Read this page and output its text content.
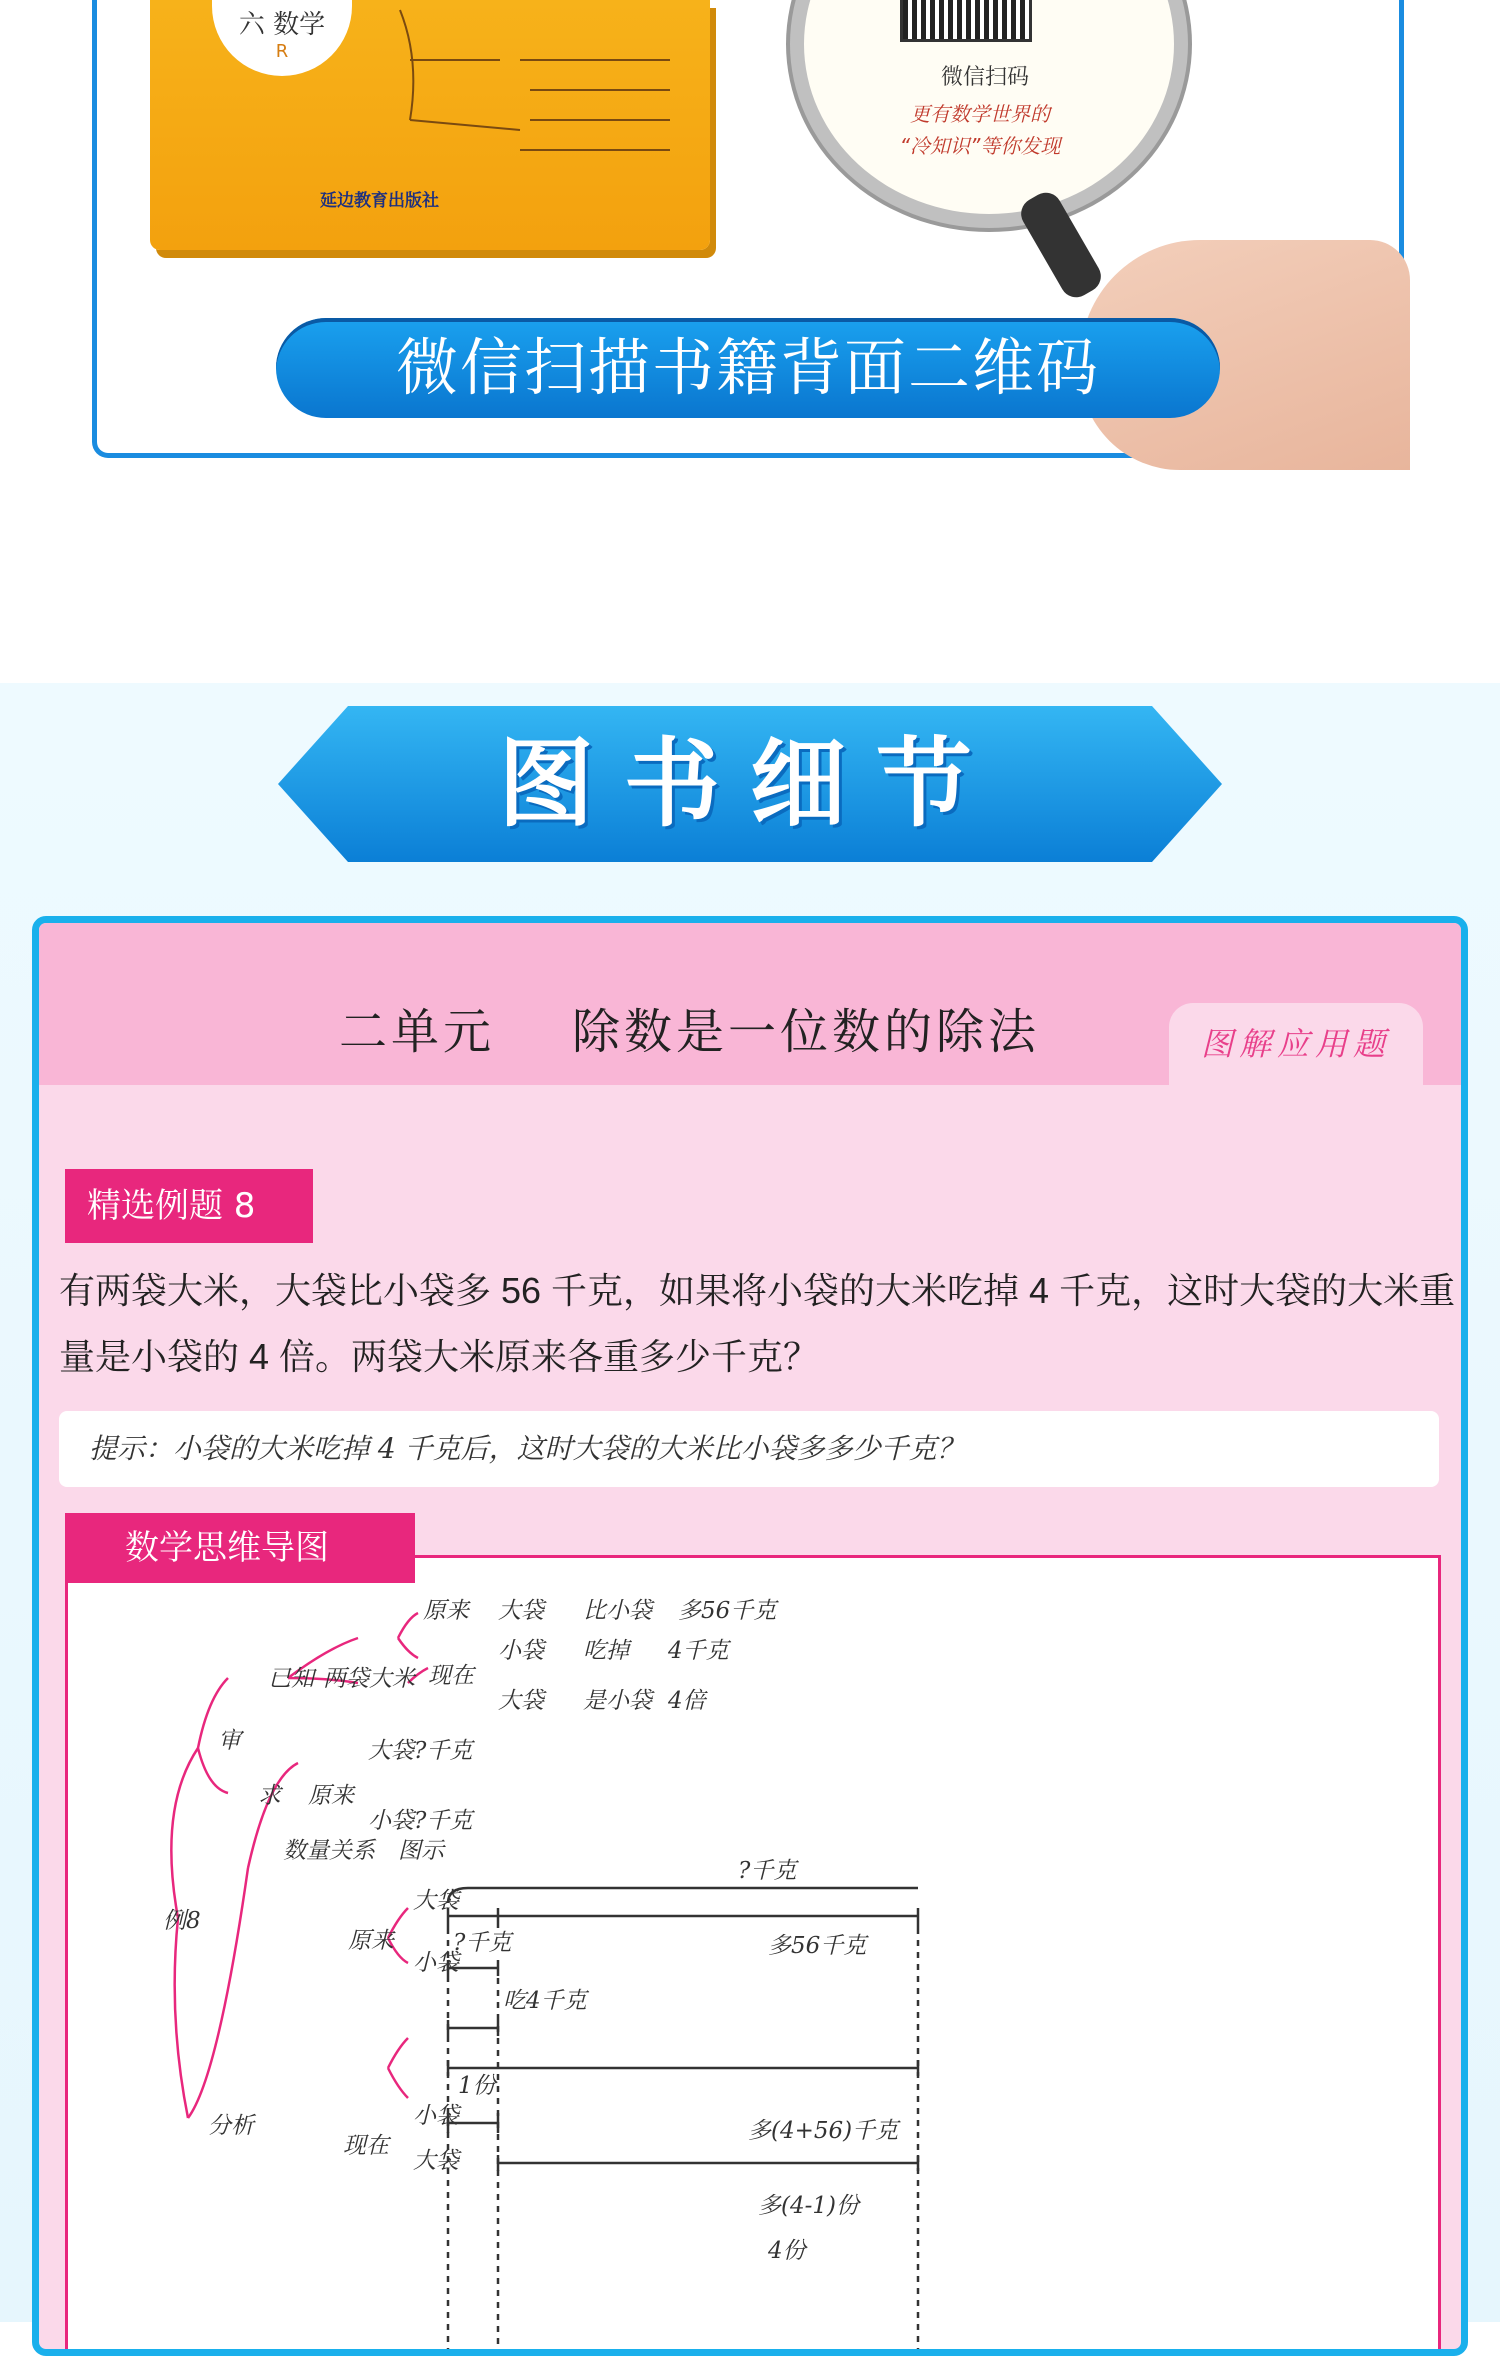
六 数学
R
延边教育出版社
微信扫码
更有数学世界的
“冷知识”等你发现
微信扫描书籍背面二维码
图书细节
二单元    除数是一位数的除法	图解应用题
精选例题 8
有两袋大米，大袋比小袋多 56 千克，如果将小袋的大米吃掉 4 千克，这时大袋的大米重量是小袋的 4 倍。两袋大米原来各重多少千克？
提示：小袋的大米吃掉 4 千克后，这时大袋的大米比小袋多多少千克？
例8
审
已知 两袋大米
原来 大袋 比小袋 多56千克
现在
小袋 吃掉 4千克
大袋 是小袋 4倍
求 原来
大袋?千克
小袋?千克
数量关系 图示
原来
大袋
小袋
?千克
?千克	多56千克
吃4千克
分析
现在
小袋
大袋
1份
多(4+56)千克
多(4-1)份
4份
数学思维导图
